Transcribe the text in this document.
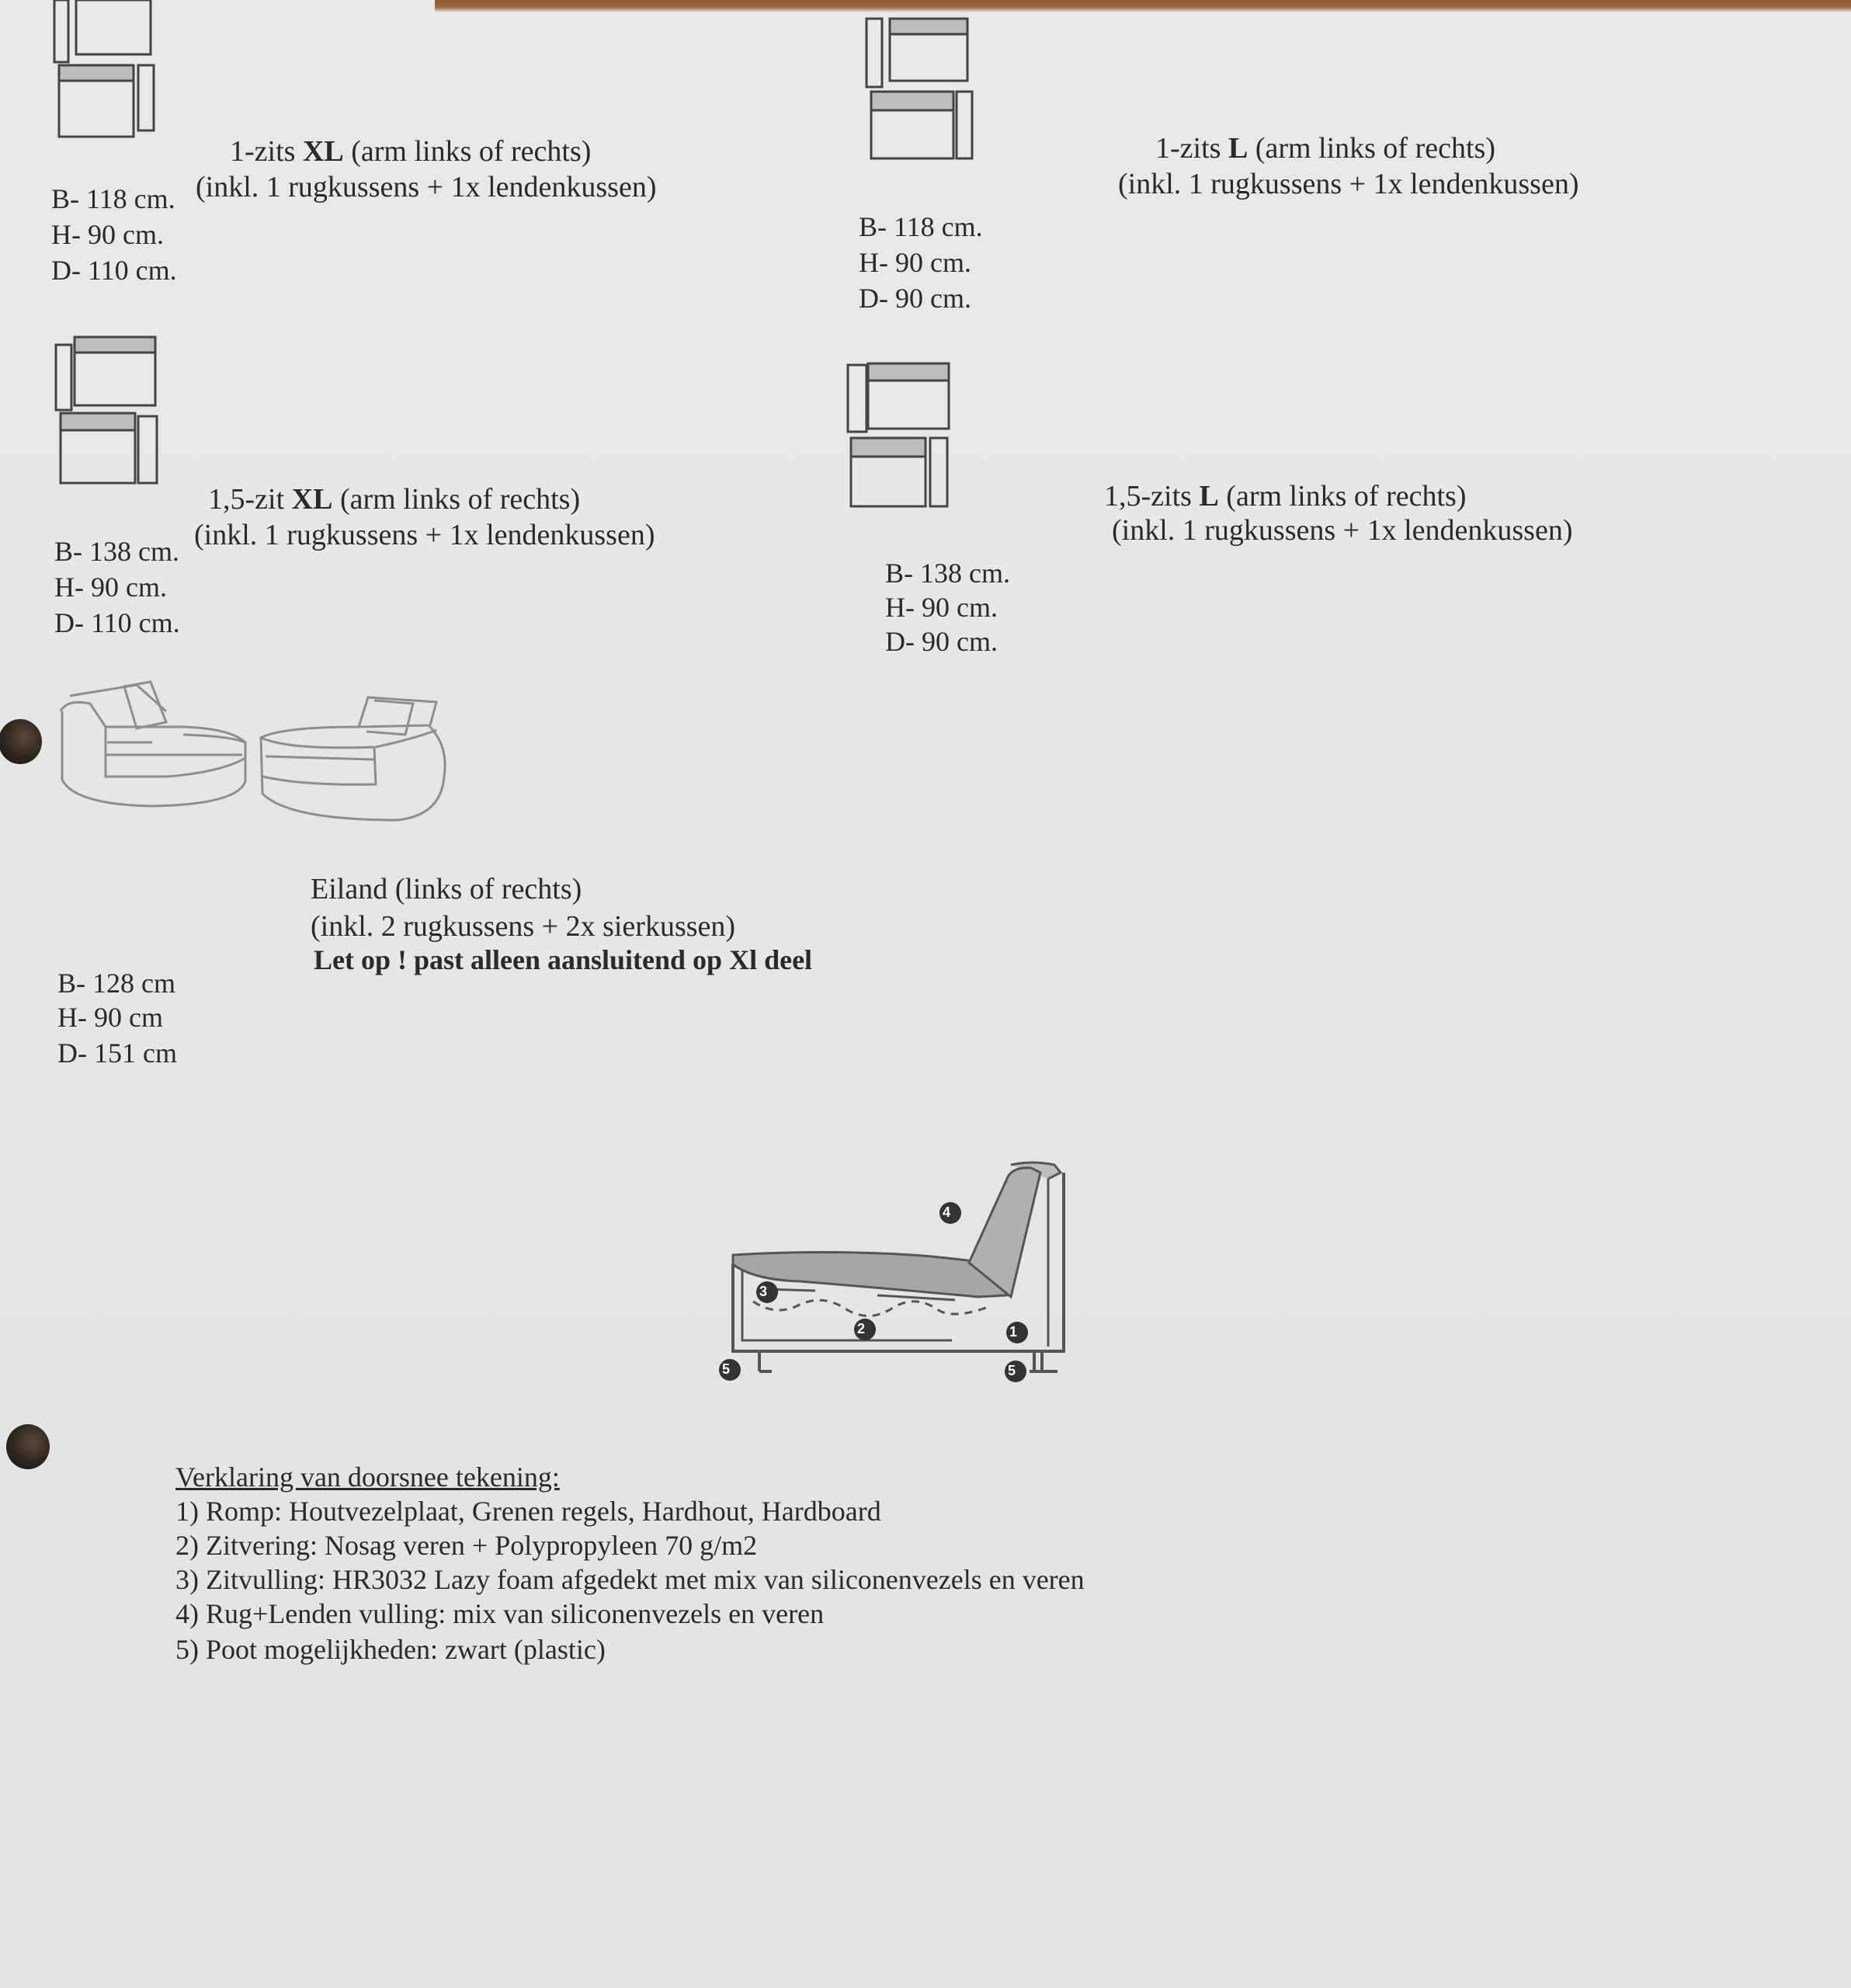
1-zits XL (arm links of rechts)
(inkl. 1 rugkussens + 1x lendenkussen)
B- 118 cm.
H- 90 cm.
D- 110 cm.
1-zits L (arm links of rechts)
(inkl. 1 rugkussens + 1x lendenkussen)
B- 118 cm.
H- 90 cm.
D- 90 cm.
1,5-zit XL (arm links of rechts)
(inkl. 1 rugkussens + 1x lendenkussen)
B- 138 cm.
H- 90 cm.
D- 110 cm.
1,5-zits L (arm links of rechts)
(inkl. 1 rugkussens + 1x lendenkussen)
B- 138 cm.
H- 90 cm.
D- 90 cm.
Eiland (links of rechts)
(inkl. 2 rugkussens + 2x sierkussen)
Let op ! past alleen aansluitend op Xl deel
B- 128 cm
H- 90 cm
D- 151 cm
1
2
3
4
5	5
Verklaring van doorsnee tekening:
1) Romp: Houtvezelplaat, Grenen regels, Hardhout, Hardboard
2) Zitvering: Nosag veren + Polypropyleen 70 g/m2
3) Zitvulling: HR3032 Lazy foam afgedekt met mix van siliconenvezels en veren
4) Rug+Lenden vulling: mix van siliconenvezels en veren
5) Poot mogelijkheden: zwart (plastic)
